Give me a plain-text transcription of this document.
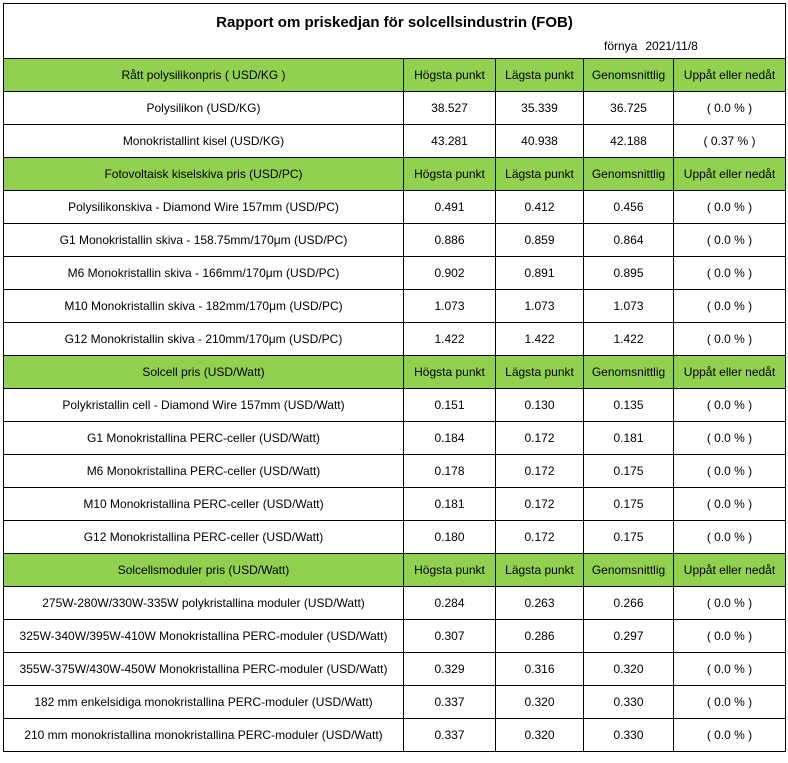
Rapport om priskedjan för solcellsindustrin (FOB)
förnya 2021/11/8				

Rått polysilikonpris ( USD/KG )	Högsta punkt	Lägsta punkt	Genomsnittlig	Uppåt eller nedåt
Polysilikon (USD/KG)	38.527	35.339	36.725	( 0.0 % )
Monokristallint kisel (USD/KG)	43.281	40.938	42.188	( 0.37 % )
Fotovoltaisk kiselskiva pris (USD/PC)	Högsta punkt	Lägsta punkt	Genomsnittlig	Uppåt eller nedåt
Polysilikonskiva - Diamond Wire 157mm (USD/PC)	0.491	0.412	0.456	( 0.0 % )
G1 Monokristallin skiva - 158.75mm/170μm (USD/PC)	0.886	0.859	0.864	( 0.0 % )
M6 Monokristallin skiva - 166mm/170μm (USD/PC)	0.902	0.891	0.895	( 0.0 % )
M10 Monokristallin skiva - 182mm/170μm (USD/PC)	1.073	1.073	1.073	( 0.0 % )
G12 Monokristallin skiva - 210mm/170μm (USD/PC)	1.422	1.422	1.422	( 0.0 % )
Solcell pris (USD/Watt)	Högsta punkt	Lägsta punkt	Genomsnittlig	Uppåt eller nedåt
Polykristallin cell - Diamond Wire 157mm (USD/Watt)	0.151	0.130	0.135	( 0.0 % )
G1 Monokristallina PERC-celler (USD/Watt)	0.184	0.172	0.181	( 0.0 % )
M6 Monokristallina PERC-celler (USD/Watt)	0.178	0.172	0.175	( 0.0 % )
M10 Monokristallina PERC-celler (USD/Watt)	0.181	0.172	0.175	( 0.0 % )
G12 Monokristallina PERC-celler (USD/Watt)	0.180	0.172	0.175	( 0.0 % )
Solcellsmoduler pris (USD/Watt)	Högsta punkt	Lägsta punkt	Genomsnittlig	Uppåt eller nedåt
275W-280W/330W-335W polykristallina moduler (USD/Watt)	0.284	0.263	0.266	( 0.0 % )
325W-340W/395W-410W Monokristallina PERC-moduler (USD/Watt)	0.307	0.286	0.297	( 0.0 % )
355W-375W/430W-450W Monokristallina PERC-moduler (USD/Watt)	0.329	0.316	0.320	( 0.0 % )
182 mm enkelsidiga monokristallina PERC-moduler (USD/Watt)	0.337	0.320	0.330	( 0.0 % )
210 mm monokristallina monokristallina PERC-moduler (USD/Watt)	0.337	0.320	0.330	( 0.0 % )
